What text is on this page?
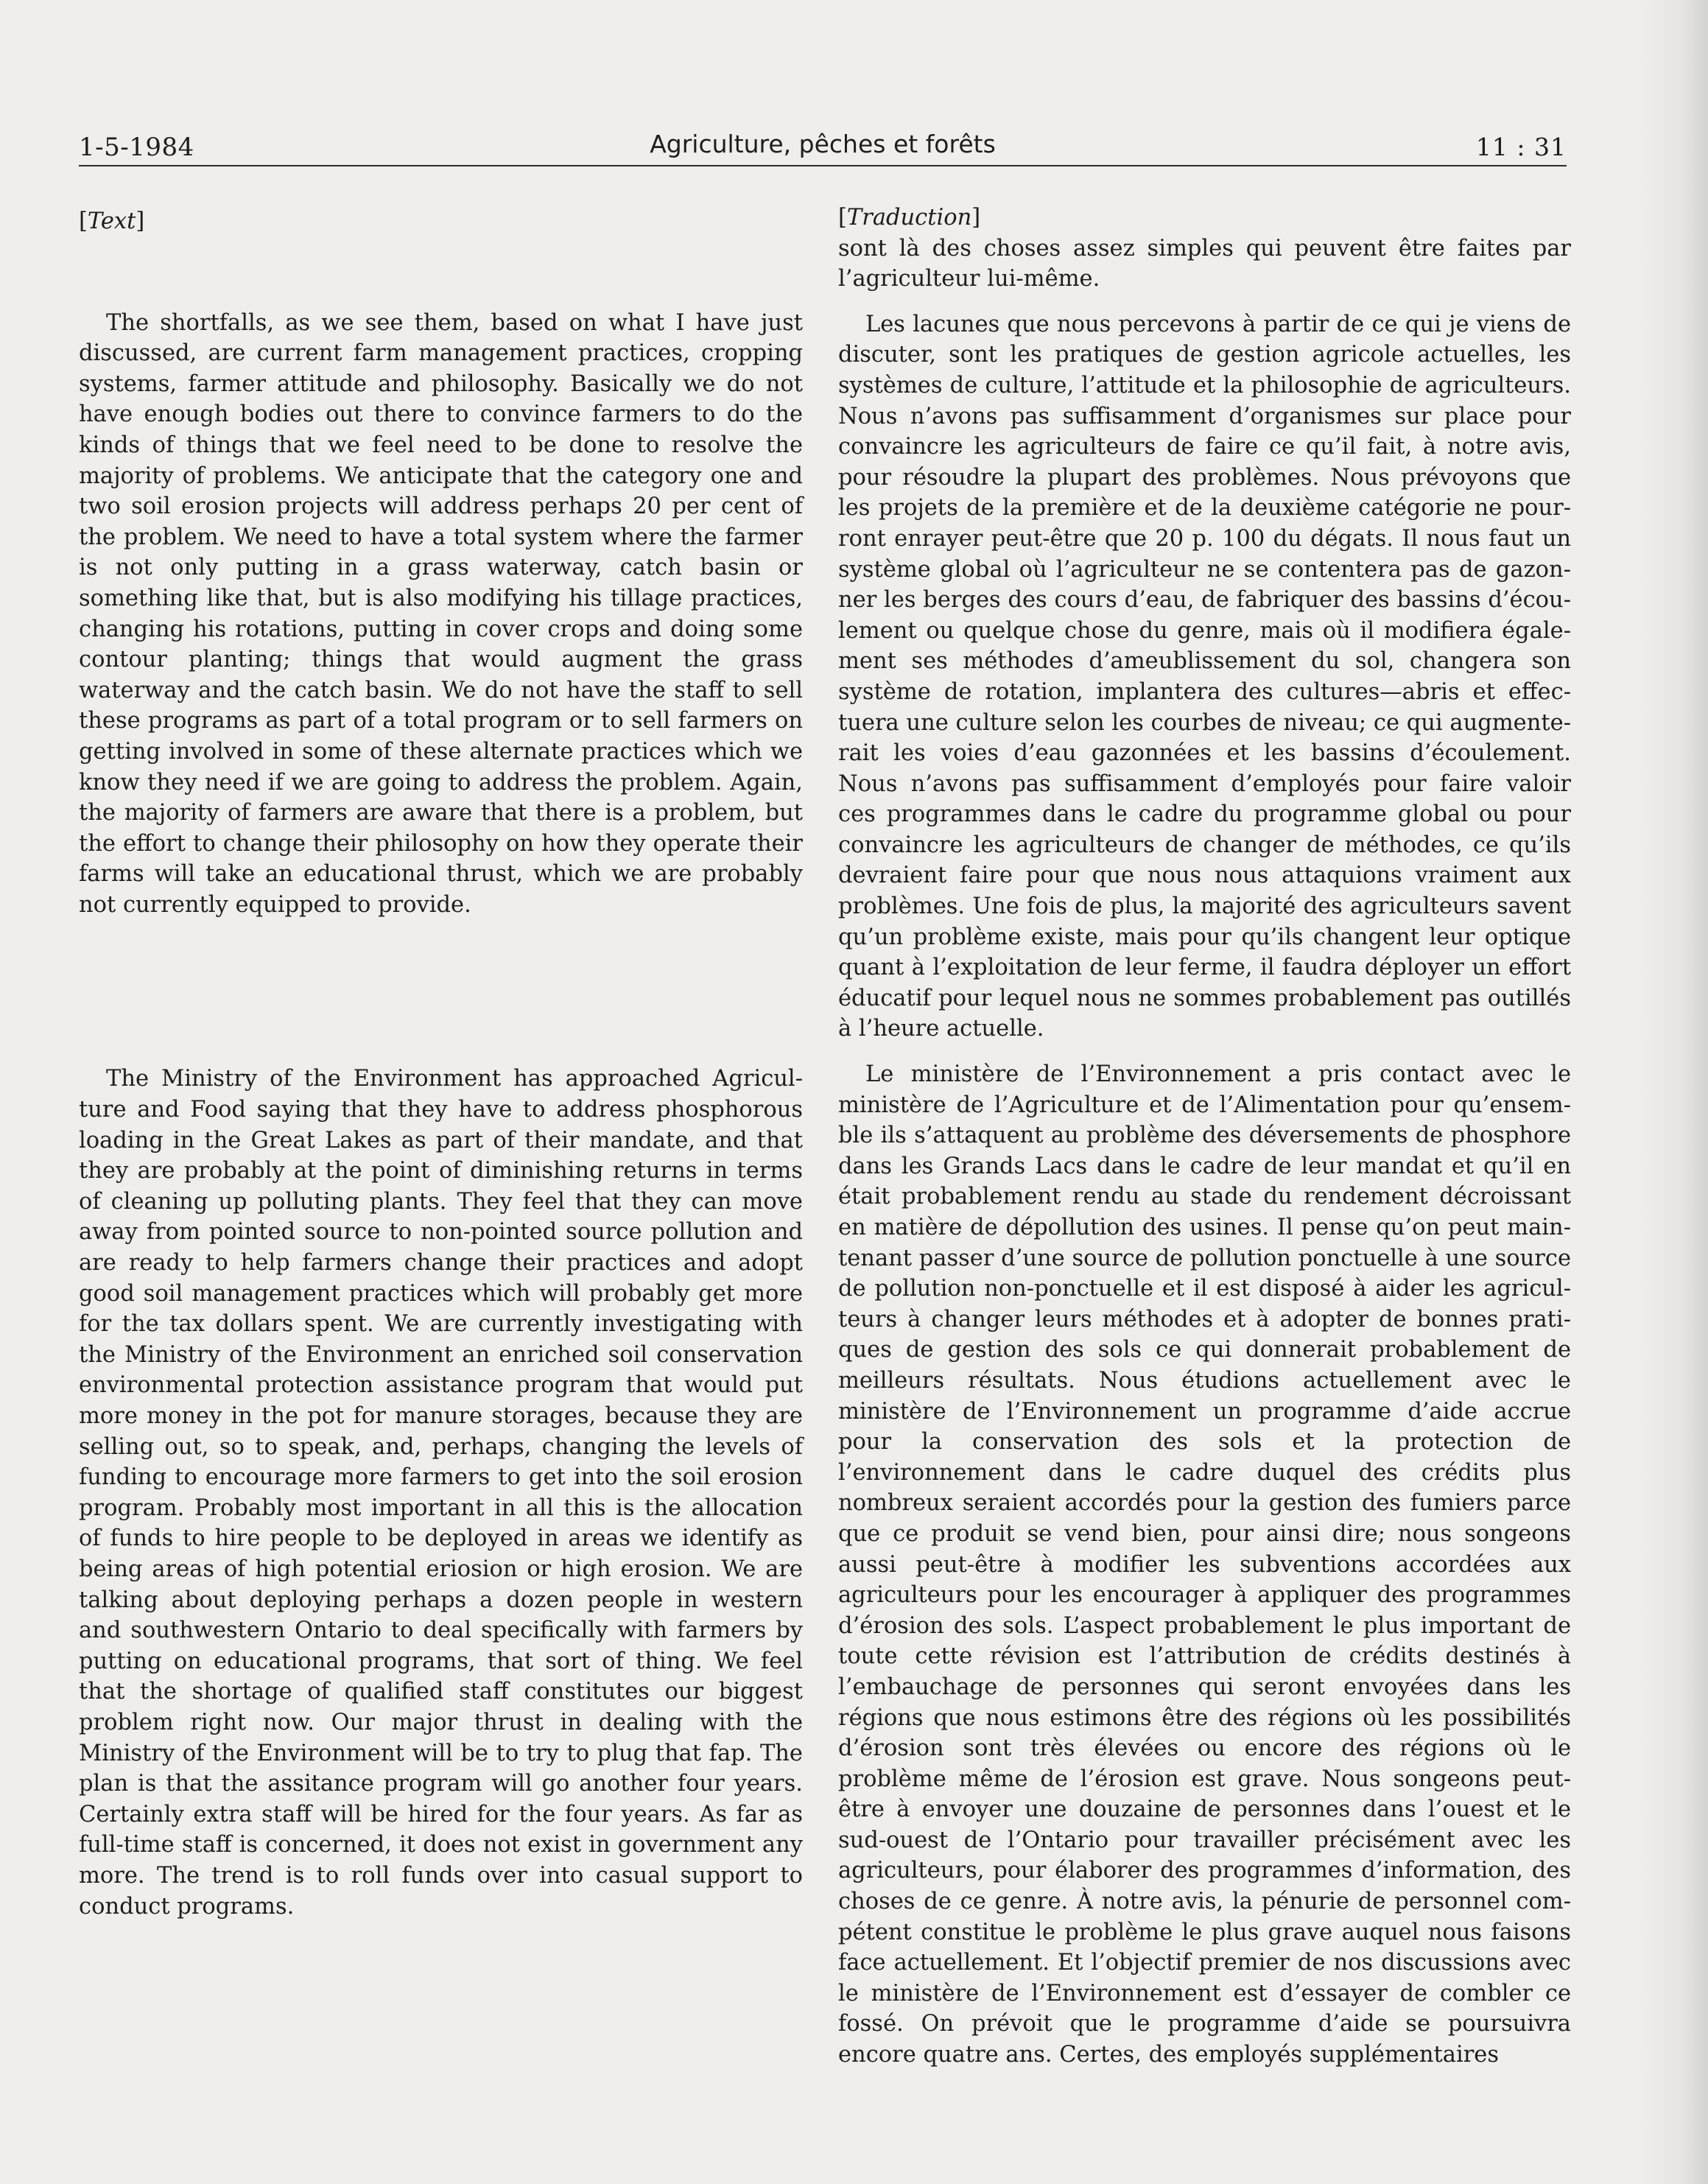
1-5-1984	Agriculture, pêches et forêts	11 : 31

[Text]

The shortfalls, as we see them, based on what I have just discussed, are current farm management practices, cropping systems, farmer attitude and philosophy. Basically we do not have enough bodies out there to convince farmers to do the kinds of things that we feel need to be done to resolve the majority of problems. We anticipate that the category one and two soil erosion projects will address perhaps 20 per cent of the problem. We need to have a total system where the farmer is not only putting in a grass waterway, catch basin or something like that, but is also modifying his tillage practices, changing his rotations, putting in cover crops and doing some contour planting; things that would augment the grass waterway and the catch basin. We do not have the staff to sell these programs as part of a total program or to sell farmers on getting involved in some of these alternate practices which we know they need if we are going to address the problem. Again, the majority of farmers are aware that there is a problem, but the effort to change their philosophy on how they operate their farms will take an educational thrust, which we are probably not currently equipped to provide.

The Ministry of the Environment has approached Agriculture and Food saying that they have to address phosphorous loading in the Great Lakes as part of their mandate, and that they are probably at the point of diminishing returns in terms of cleaning up polluting plants. They feel that they can move away from pointed source to non-pointed source pollution and are ready to help farmers change their practices and adopt good soil management practices which will probably get more for the tax dollars spent. We are currently investigating with the Ministry of the Environment an enriched soil conservation environmental protection assistance program that would put more money in the pot for manure storages, because they are selling out, so to speak, and, perhaps, changing the levels of funding to encourage more farmers to get into the soil erosion program. Probably most important in all this is the allocation of funds to hire people to be deployed in areas we identify as being areas of high potential eriosion or high erosion. We are talking about deploying perhaps a dozen people in western and southwestern Ontario to deal specifically with farmers by putting on educational programs, that sort of thing. We feel that the shortage of qualified staff constitutes our biggest problem right now. Our major thrust in dealing with the Ministry of the Environment will be to try to plug that fap. The plan is that the assitance program will go another four years. Certainly extra staff will be hired for the four years. As far as full-time staff is concerned, it does not exist in government any more. The trend is to roll funds over into casual support to conduct programs.

[Traduction]

sont là des choses assez simples qui peuvent être faites par l’agriculteur lui-même.

Les lacunes que nous percevons à partir de ce qui je viens de discuter, sont les pratiques de gestion agricole actuelles, les systèmes de culture, l’attitude et la philosophie de agriculteurs. Nous n’avons pas suffisamment d’organismes sur place pour convaincre les agriculteurs de faire ce qu’il fait, à notre avis, pour résoudre la plupart des problèmes. Nous prévoyons que les projets de la première et de la deuxième catégorie ne pourront enrayer peut-être que 20 p. 100 du dégats. Il nous faut un système global où l’agriculteur ne se contentera pas de gazonner les berges des cours d’eau, de fabriquer des bassins d’écoulement ou quelque chose du genre, mais où il modifiera également ses méthodes d’ameublissement du sol, changera son système de rotation, implantera des cultures—abris et effectuera une culture selon les courbes de niveau; ce qui augmenterait les voies d’eau gazonnées et les bassins d’écoulement. Nous n’avons pas suffisamment d’employés pour faire valoir ces programmes dans le cadre du programme global ou pour convaincre les agriculteurs de changer de méthodes, ce qu’ils devraient faire pour que nous nous attaquions vraiment aux problèmes. Une fois de plus, la majorité des agriculteurs savent qu’un problème existe, mais pour qu’ils changent leur optique quant à l’exploitation de leur ferme, il faudra déployer un effort éducatif pour lequel nous ne sommes probablement pas outillés à l’heure actuelle.

Le ministère de l’Environnement a pris contact avec le ministère de l’Agriculture et de l’Alimentation pour qu’ensemble ils s’attaquent au problème des déversements de phosphore dans les Grands Lacs dans le cadre de leur mandat et qu’il en était probablement rendu au stade du rendement décroissant en matière de dépollution des usines. Il pense qu’on peut maintenant passer d’une source de pollution ponctuelle à une source de pollution non-ponctuelle et il est disposé à aider les agriculteurs à changer leurs méthodes et à adopter de bonnes pratiques de gestion des sols ce qui donnerait probablement de meilleurs résultats. Nous étudions actuellement avec le ministère de l’Environnement un programme d’aide accrue pour la conservation des sols et la protection de l’environnement dans le cadre duquel des crédits plus nombreux seraient accordés pour la gestion des fumiers parce que ce produit se vend bien, pour ainsi dire; nous songeons aussi peut-être à modifier les subventions accordées aux agriculteurs pour les encourager à appliquer des programmes d’érosion des sols. L’aspect probablement le plus important de toute cette révision est l’attribution de crédits destinés à l’embauchage de personnes qui seront envoyées dans les régions que nous estimons être des régions où les possibilités d’érosion sont très élevées ou encore des régions où le problème même de l’érosion est grave. Nous songeons peut-être à envoyer une douzaine de personnes dans l’ouest et le sud-ouest de l’Ontario pour travailler précisément avec les agriculteurs, pour élaborer des programmes d’information, des choses de ce genre. À notre avis, la pénurie de personnel compétent constitue le problème le plus grave auquel nous faisons face actuellement. Et l’objectif premier de nos discussions avec le ministère de l’Environnement est d’essayer de combler ce fossé. On prévoit que le programme d’aide se poursuivra encore quatre ans. Certes, des employés supplémentaires
